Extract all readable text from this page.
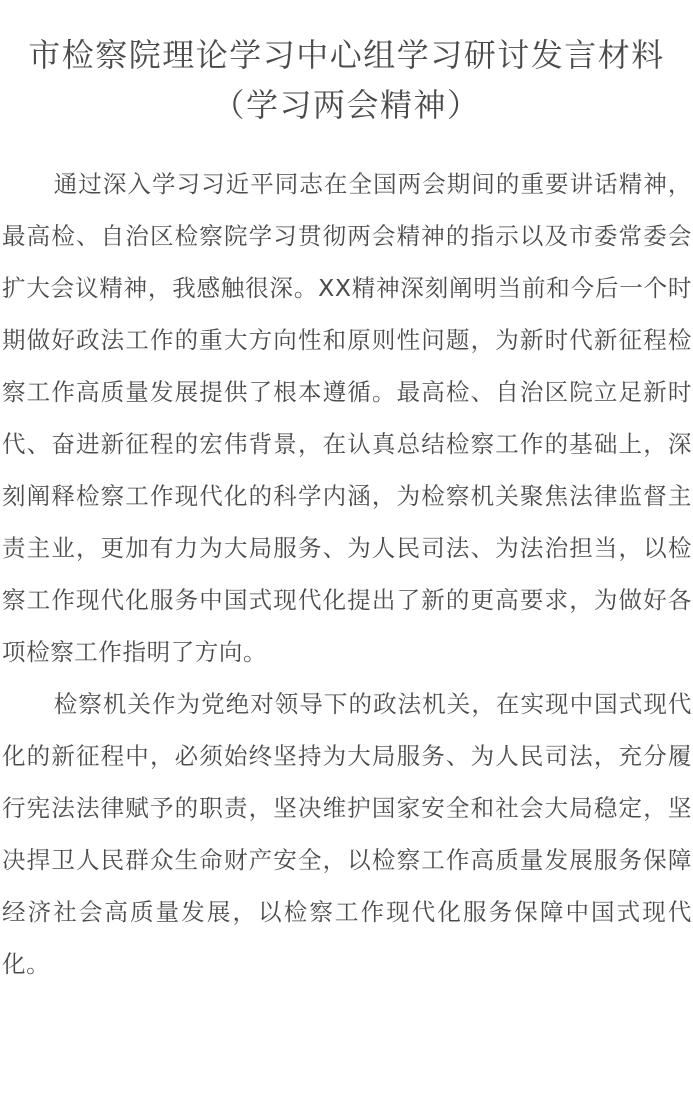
市检察院理论学习中心组学习研讨发言材料
（学习两会精神）

通过深入学习习近平同志在全国两会期间的重要讲话精神，最高检、自治区检察院学习贯彻两会精神的指示以及市委常委会扩大会议精神，我感触很深。XX精神深刻阐明当前和今后一个时期做好政法工作的重大方向性和原则性问题，为新时代新征程检察工作高质量发展提供了根本遵循。最高检、自治区院立足新时代、奋进新征程的宏伟背景，在认真总结检察工作的基础上，深刻阐释检察工作现代化的科学内涵，为检察机关聚焦法律监督主责主业，更加有力为大局服务、为人民司法、为法治担当，以检察工作现代化服务中国式现代化提出了新的更高要求，为做好各项检察工作指明了方向。

检察机关作为党绝对领导下的政法机关，在实现中国式现代化的新征程中，必须始终坚持为大局服务、为人民司法，充分履行宪法法律赋予的职责，坚决维护国家安全和社会大局稳定，坚决捍卫人民群众生命财产安全，以检察工作高质量发展服务保障经济社会高质量发展，以检察工作现代化服务保障中国式现代化。
